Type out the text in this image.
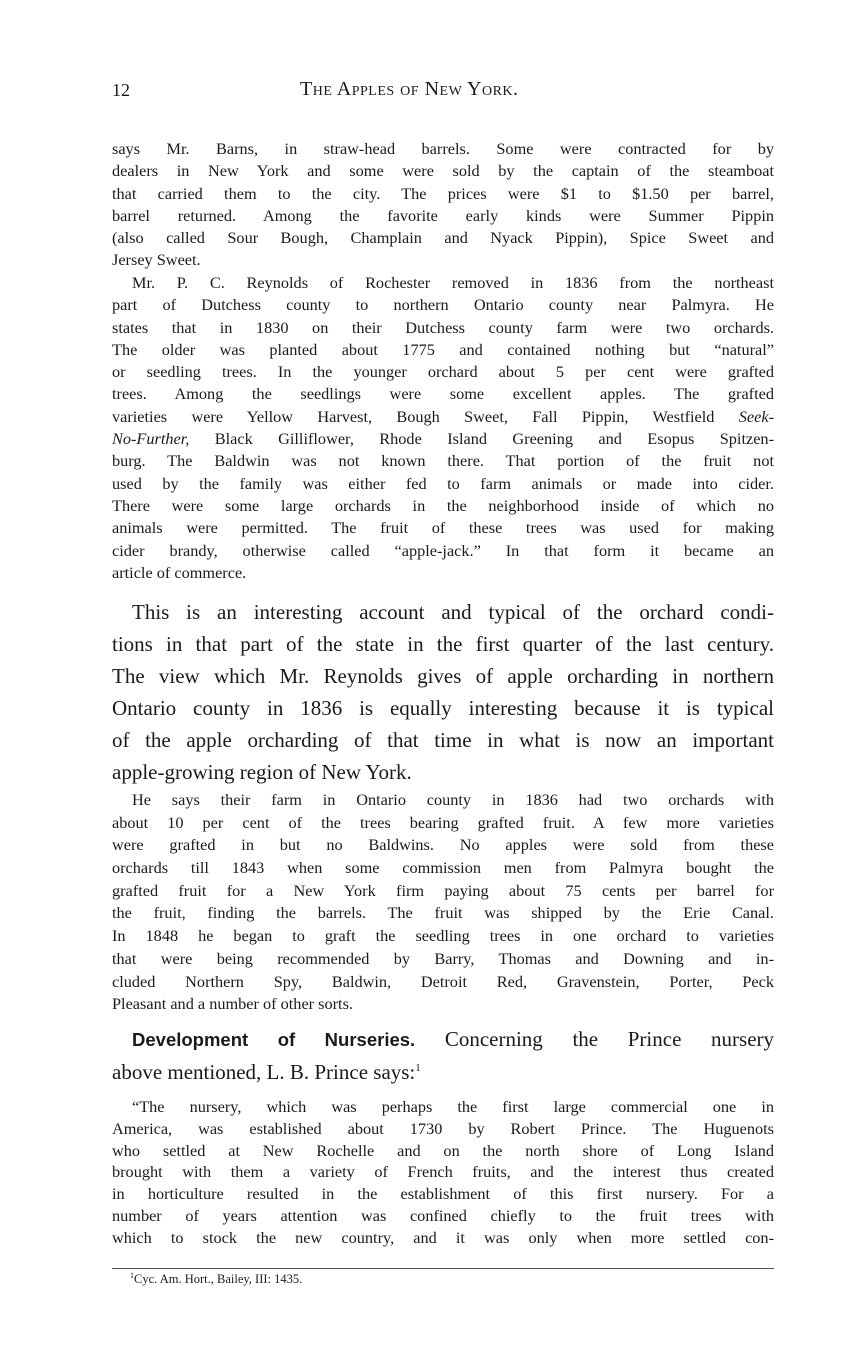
12	The Apples of New York.
says Mr. Barns, in straw-head barrels. Some were contracted for by
dealers in New York and some were sold by the captain of the steamboat
that carried them to the city. The prices were $1 to $1.50 per barrel,
barrel returned. Among the favorite early kinds were Summer Pippin
(also called Sour Bough, Champlain and Nyack Pippin), Spice Sweet and
Jersey Sweet.
Mr. P. C. Reynolds of Rochester removed in 1836 from the northeast
part of Dutchess county to northern Ontario county near Palmyra. He
states that in 1830 on their Dutchess county farm were two orchards.
The older was planted about 1775 and contained nothing but “natural”
or seedling trees. In the younger orchard about 5 per cent were grafted
trees. Among the seedlings were some excellent apples. The grafted
varieties were Yellow Harvest, Bough Sweet, Fall Pippin, Westfield Seek-
No-Further, Black Gilliflower, Rhode Island Greening and Esopus Spitzen-
burg. The Baldwin was not known there. That portion of the fruit not
used by the family was either fed to farm animals or made into cider.
There were some large orchards in the neighborhood inside of which no
animals were permitted. The fruit of these trees was used for making
cider brandy, otherwise called “apple-jack.” In that form it became an
article of commerce.
This is an interesting account and typical of the orchard condi-
tions in that part of the state in the first quarter of the last century.
The view which Mr. Reynolds gives of apple orcharding in northern
Ontario county in 1836 is equally interesting because it is typical
of the apple orcharding of that time in what is now an important
apple-growing region of New York.
He says their farm in Ontario county in 1836 had two orchards with
about 10 per cent of the trees bearing grafted fruit. A few more varieties
were grafted in but no Baldwins. No apples were sold from these
orchards till 1843 when some commission men from Palmyra bought the
grafted fruit for a New York firm paying about 75 cents per barrel for
the fruit, finding the barrels. The fruit was shipped by the Erie Canal.
In 1848 he began to graft the seedling trees in one orchard to varieties
that were being recommended by Barry, Thomas and Downing and in-
cluded Northern Spy, Baldwin, Detroit Red, Gravenstein, Porter, Peck
Pleasant and a number of other sorts.
Development of Nurseries. Concerning the Prince nursery
above mentioned, L. B. Prince says:$^1$
“The nursery, which was perhaps the first large commercial one in
America, was established about 1730 by Robert Prince. The Huguenots
who settled at New Rochelle and on the north shore of Long Island
brought with them a variety of French fruits, and the interest thus created
in horticulture resulted in the establishment of this first nursery. For a
number of years attention was confined chiefly to the fruit trees with
which to stock the new country, and it was only when more settled con-
$^1$Cyc. Am. Hort., Bailey, III: 1435.
